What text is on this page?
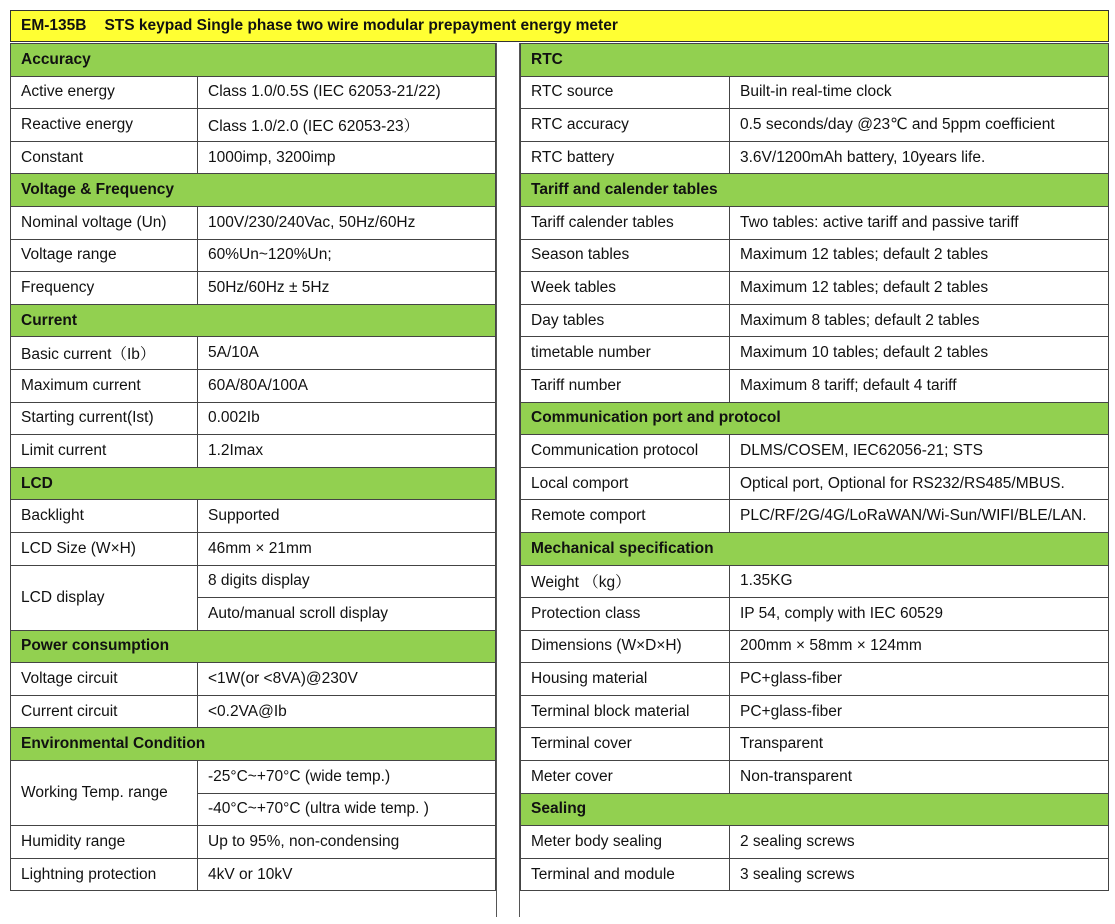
EM-135B STS keypad Single phase two wire modular prepayment energy meter
Accuracy	
Active energy	Class 1.0/0.5S (IEC 62053-21/22)
Reactive energy	Class 1.0/2.0 (IEC 62053-23）
Constant	1000imp, 3200imp
Voltage & Frequency	
Nominal voltage (Un)	100V/230/240Vac, 50Hz/60Hz
Voltage range	60%Un~120%Un;
Frequency	50Hz/60Hz ± 5Hz
Current	
Basic current（Ib）	5A/10A
Maximum current	60A/80A/100A
Starting current(Ist)	0.002Ib
Limit current	1.2Imax
LCD	
Backlight	Supported
LCD Size (W×H)	46mm × 21mm
LCD display	8 digits display
	Auto/manual scroll display
Power consumption	
Voltage circuit	<1W(or <8VA)@230V
Current circuit	<0.2VA@Ib
Environmental Condition	
Working Temp. range	-25°C~+70°C (wide temp.)
	-40°C~+70°C (ultra wide temp. )
Humidity range	Up to 95%, non-condensing
Lightning protection	4kV or 10kV
RTC	
RTC source	Built-in real-time clock
RTC accuracy	0.5 seconds/day @23℃ and 5ppm coefficient
RTC battery	3.6V/1200mAh battery, 10years life.
Tariff and calender tables	
Tariff calender tables	Two tables: active tariff and passive tariff
Season tables	Maximum 12 tables; default 2 tables
Week tables	Maximum 12 tables; default 2 tables
Day tables	Maximum 8 tables; default 2 tables
timetable number	Maximum 10 tables; default 2 tables
Tariff number	Maximum 8 tariff; default 4 tariff
Communication port and protocol	
Communication protocol	DLMS/COSEM, IEC62056-21; STS
Local comport	Optical port, Optional for RS232/RS485/MBUS.
Remote comport	PLC/RF/2G/4G/LoRaWAN/Wi-Sun/WIFI/BLE/LAN.
Mechanical specification	
Weight （kg）	1.35KG
Protection class	IP 54, comply with IEC 60529
Dimensions (W×D×H)	200mm × 58mm × 124mm
Housing material	PC+glass-fiber
Terminal block material	PC+glass-fiber
Terminal cover	Transparent
Meter cover	Non-transparent
Sealing	
Meter body sealing	2 sealing screws
Terminal and module	3 sealing screws
